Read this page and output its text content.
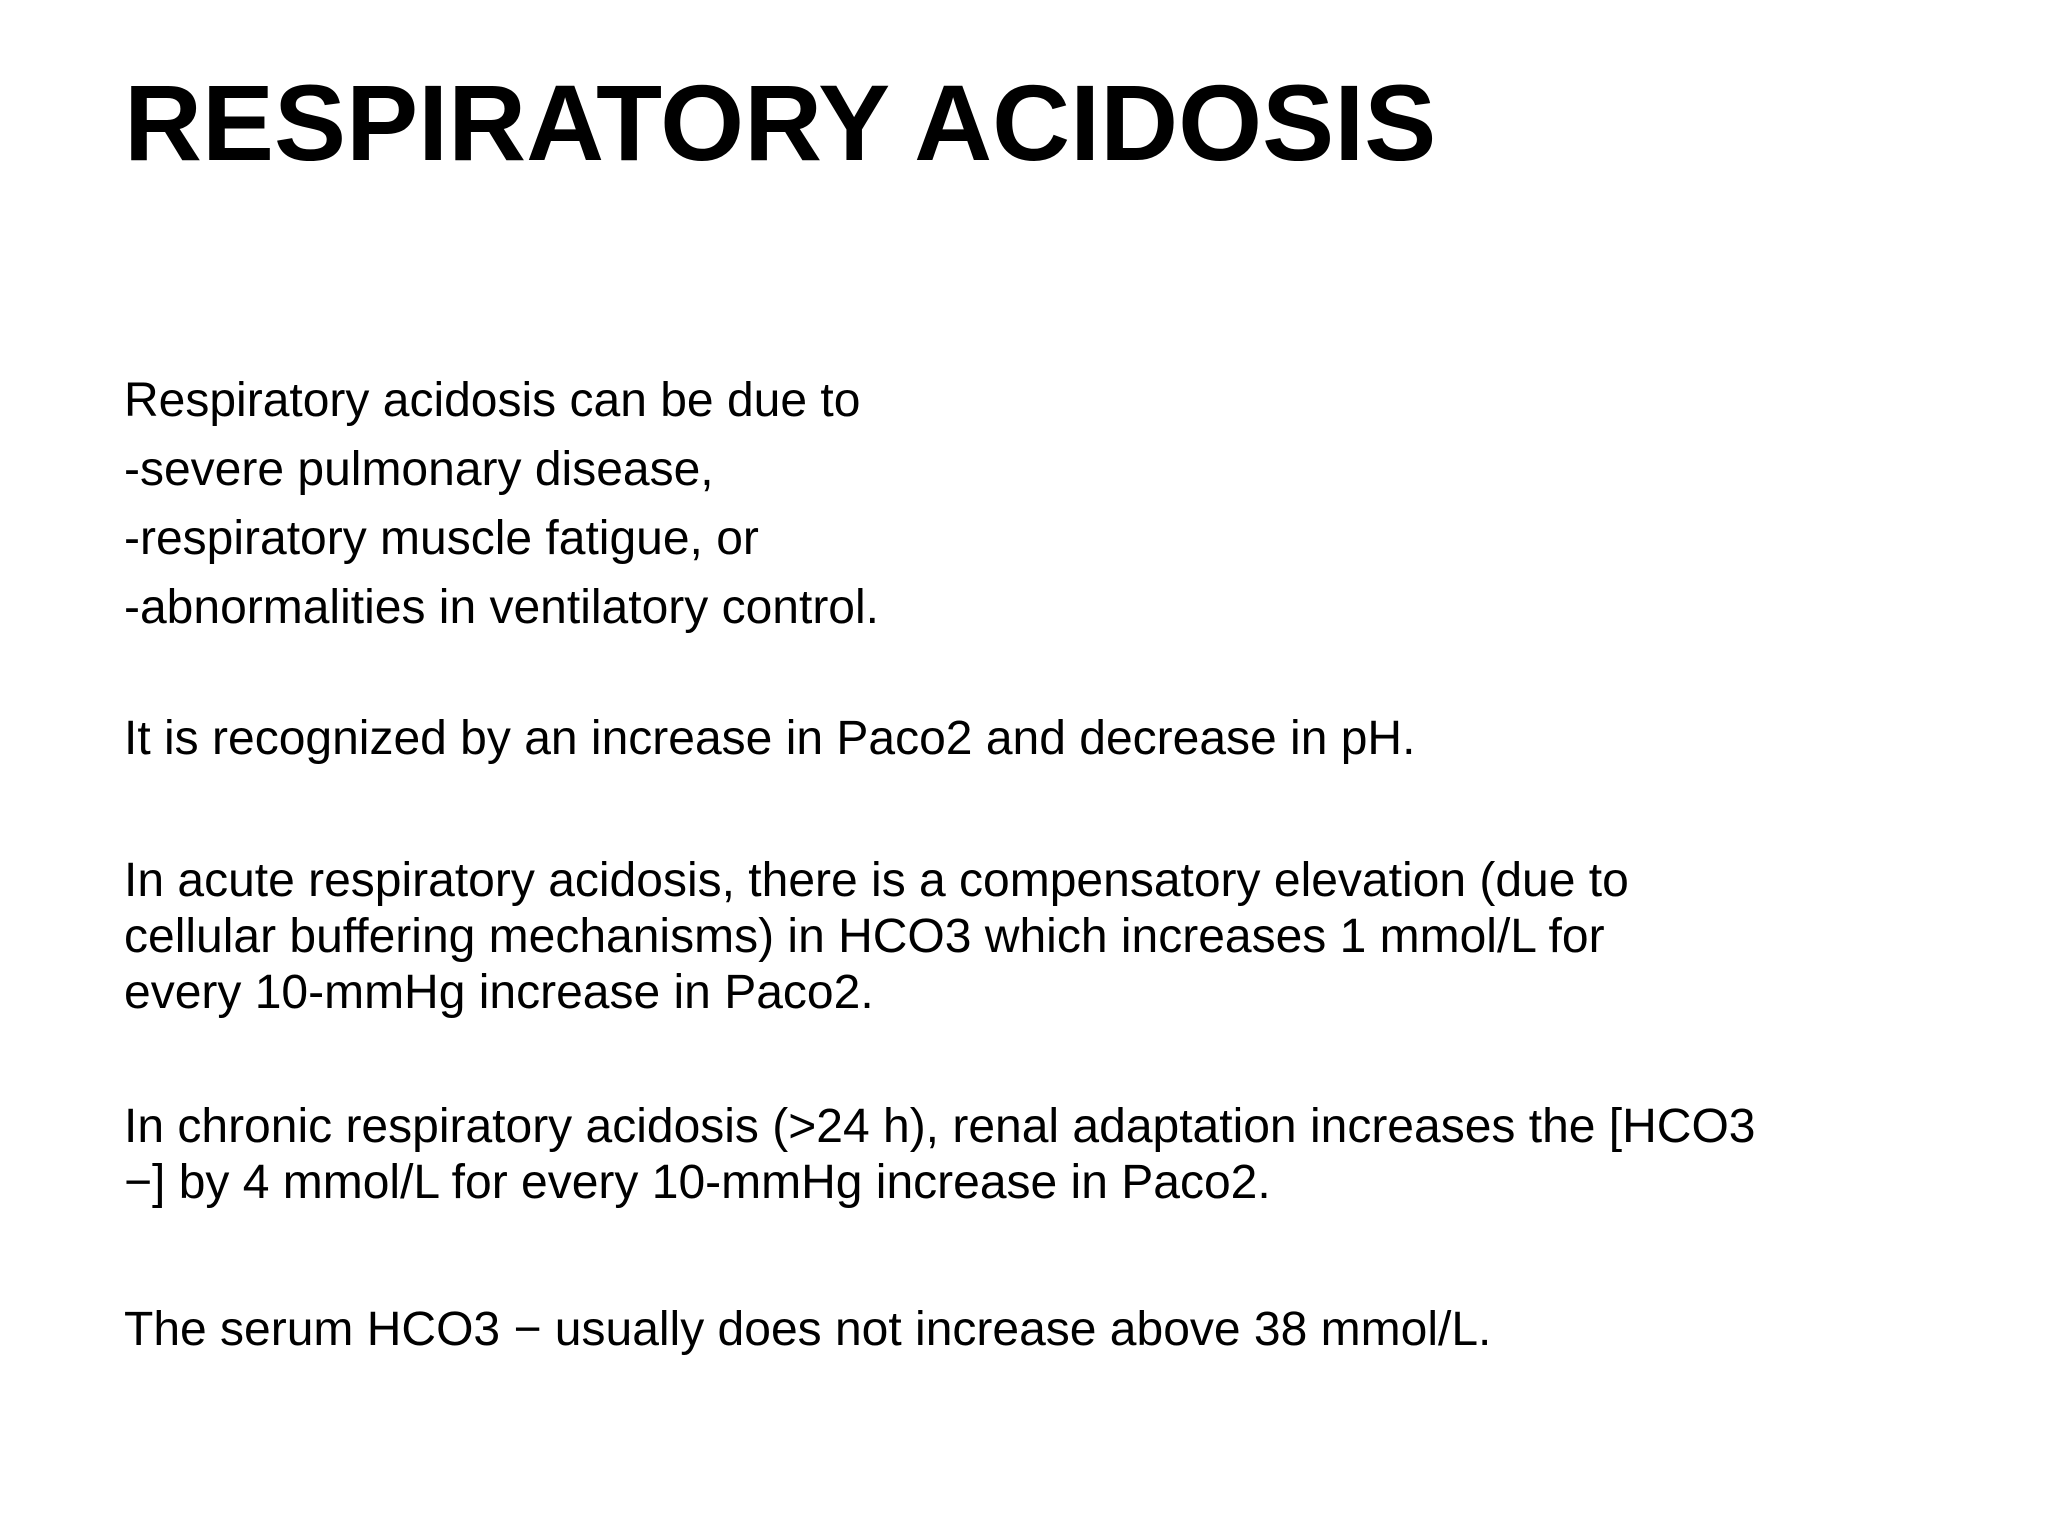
RESPIRATORY ACIDOSIS

Respiratory acidosis can be due to

-severe pulmonary disease,

-respiratory muscle fatigue, or

-abnormalities in ventilatory control.

It is recognized by an increase in Paco2 and decrease in pH.

In acute respiratory acidosis, there is a compensatory elevation (due to
cellular buffering mechanisms) in HCO3 which increases 1 mmol/L for
every 10-mmHg increase in Paco2.

In chronic respiratory acidosis (>24 h), renal adaptation increases the [HCO3
−] by 4 mmol/L for every 10-mmHg increase in Paco2.

The serum HCO3 − usually does not increase above 38 mmol/L.
